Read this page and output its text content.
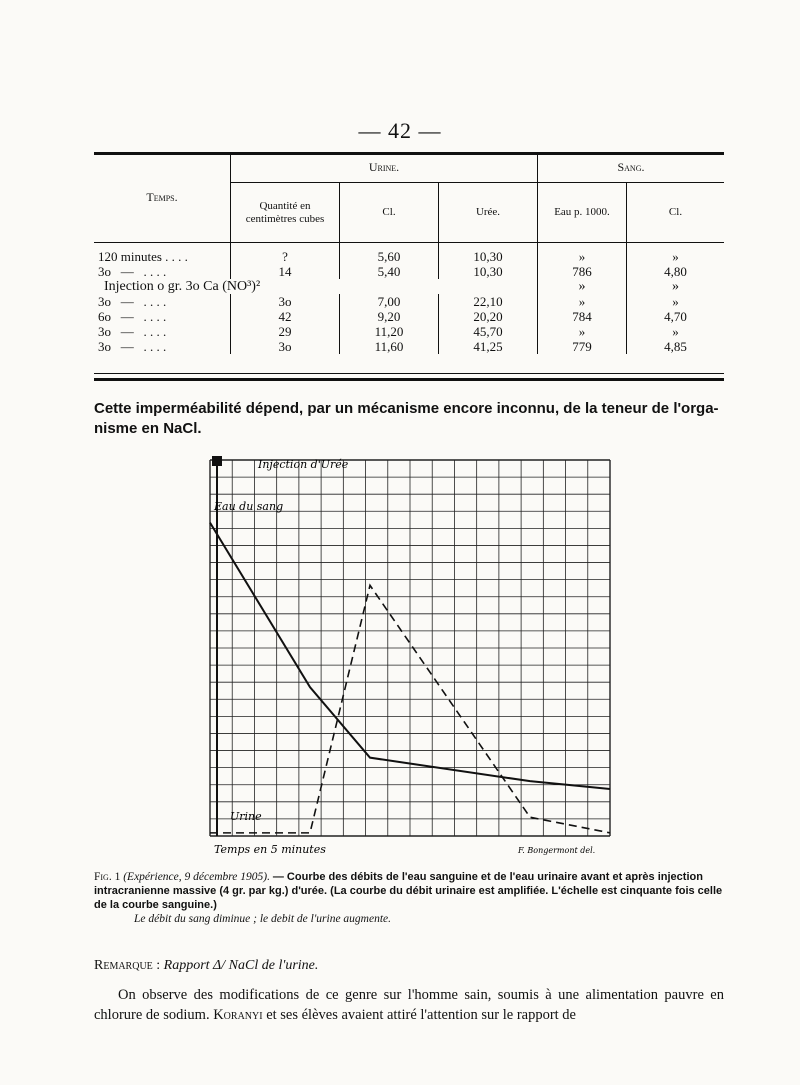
— 42 —
Temps.	Urine.			Sang.	
	Quantité en centimètres cubes	Cl.	Urée.	Eau p. 1000.	Cl.
120 minutes . . . .	?	5,60	10,30	»	»
3o   —   . . . .	14	5,40	10,30	786	4,80
Injection o gr. 3o Ca (NO³)²				»	»
3o   —   . . . .	3o	7,00	22,10	»	»
6o   —   . . . .	42	9,20	20,20	784	4,70
3o   —   . . . .	29	11,20	45,70	»	»
3o   —   . . . .	3o	11,60	41,25	779	4,85
Cette imperméabilité dépend, par un mécanisme encore inconnu, de la teneur de l'orga-
nisme en NaCl.
Injection d'Urée
Eau du sang
Urine
Temps en 5 minutes	F. Bongermont del.
Fig. 1 (Expérience, 9 décembre 1905). — Courbe des débits de l'eau sanguine et de l'eau urinaire avant et après injection intracranienne massive (4 gr. par kg.) d'urée. (La courbe du débit urinaire est amplifiée. L'échelle est cinquante fois celle de la courbe sanguine.)
Le débit du sang diminue ; le debit de l'urine augmente.
Remarque : Rapport Δ/ NaCl de l'urine.
On observe des modifications de ce genre sur l'homme sain, soumis à une alimentation pauvre en chlorure de sodium. Koranyi et ses élèves avaient attiré l'attention sur le rapport de
